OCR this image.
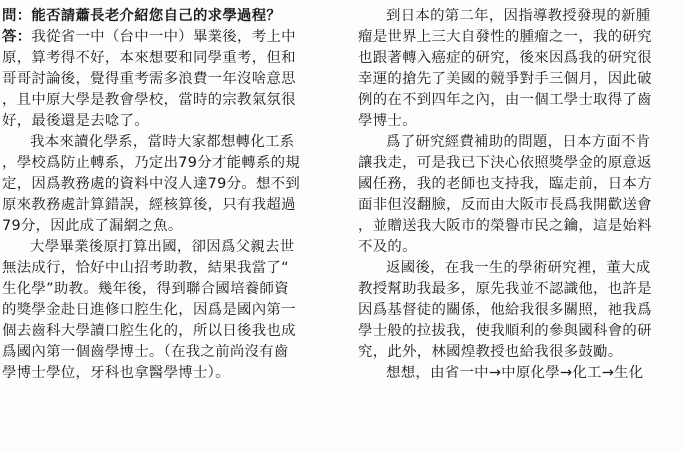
問：能否請蕭長老介紹您自己的求學過程？
答：我從省一中（台中一中）畢業後，考上中
原，算考得不好，本來想要和同學重考，但和
哥哥討論後，覺得重考需多浪費一年沒啥意思
，且中原大學是教會學校，當時的宗教氣氛很
好，最後還是去唸了。
我本來讀化學系，當時大家都想轉化工系
，學校爲防止轉系，乃定出79分才能轉系的規
定，因爲教務處的資料中沒人達79分。想不到
原來教務處計算錯誤，經核算後，只有我超過
79分，因此成了漏網之魚。
大學畢業後原打算出國，卻因爲父親去世
無法成行，恰好中山招考助教，結果我當了“
生化學”助教。幾年後，得到聯合國培養師資
的獎學金赴日進修口腔生化，因爲是國內第一
個去齒科大學讀口腔生化的，所以日後我也成
爲國內第一個齒學博士。（在我之前尚沒有齒
學博士學位，牙科也拿醫學博士）。
到日本的第二年，因指導教授發現的新腫
瘤是世界上三大自發性的腫瘤之一，我的研究
也跟著轉入癌症的研究，後來因爲我的研究很
幸運的搶先了美國的競爭對手三個月，因此破
例的在不到四年之內，由一個工學士取得了齒
學博士。
爲了研究經費補助的問題，日本方面不肯
讓我走，可是我已下決心依照獎學金的原意返
國任務，我的老師也支持我，臨走前，日本方
面非但沒翻臉，反而由大阪市長爲我開歡送會
，並贈送我大阪市的榮譽市民之鑰，這是始料
不及的。
返國後，在我一生的學術研究裡，董大成
教授幫助我最多，原先我並不認識他，也許是
因爲基督徒的關係，他給我很多關照，祂我爲
學士般的拉拔我，使我順利的參與國科會的研
究，此外，林國煌教授也給我很多鼓勵。
想想，由省一中→中原化學→化工→生化
